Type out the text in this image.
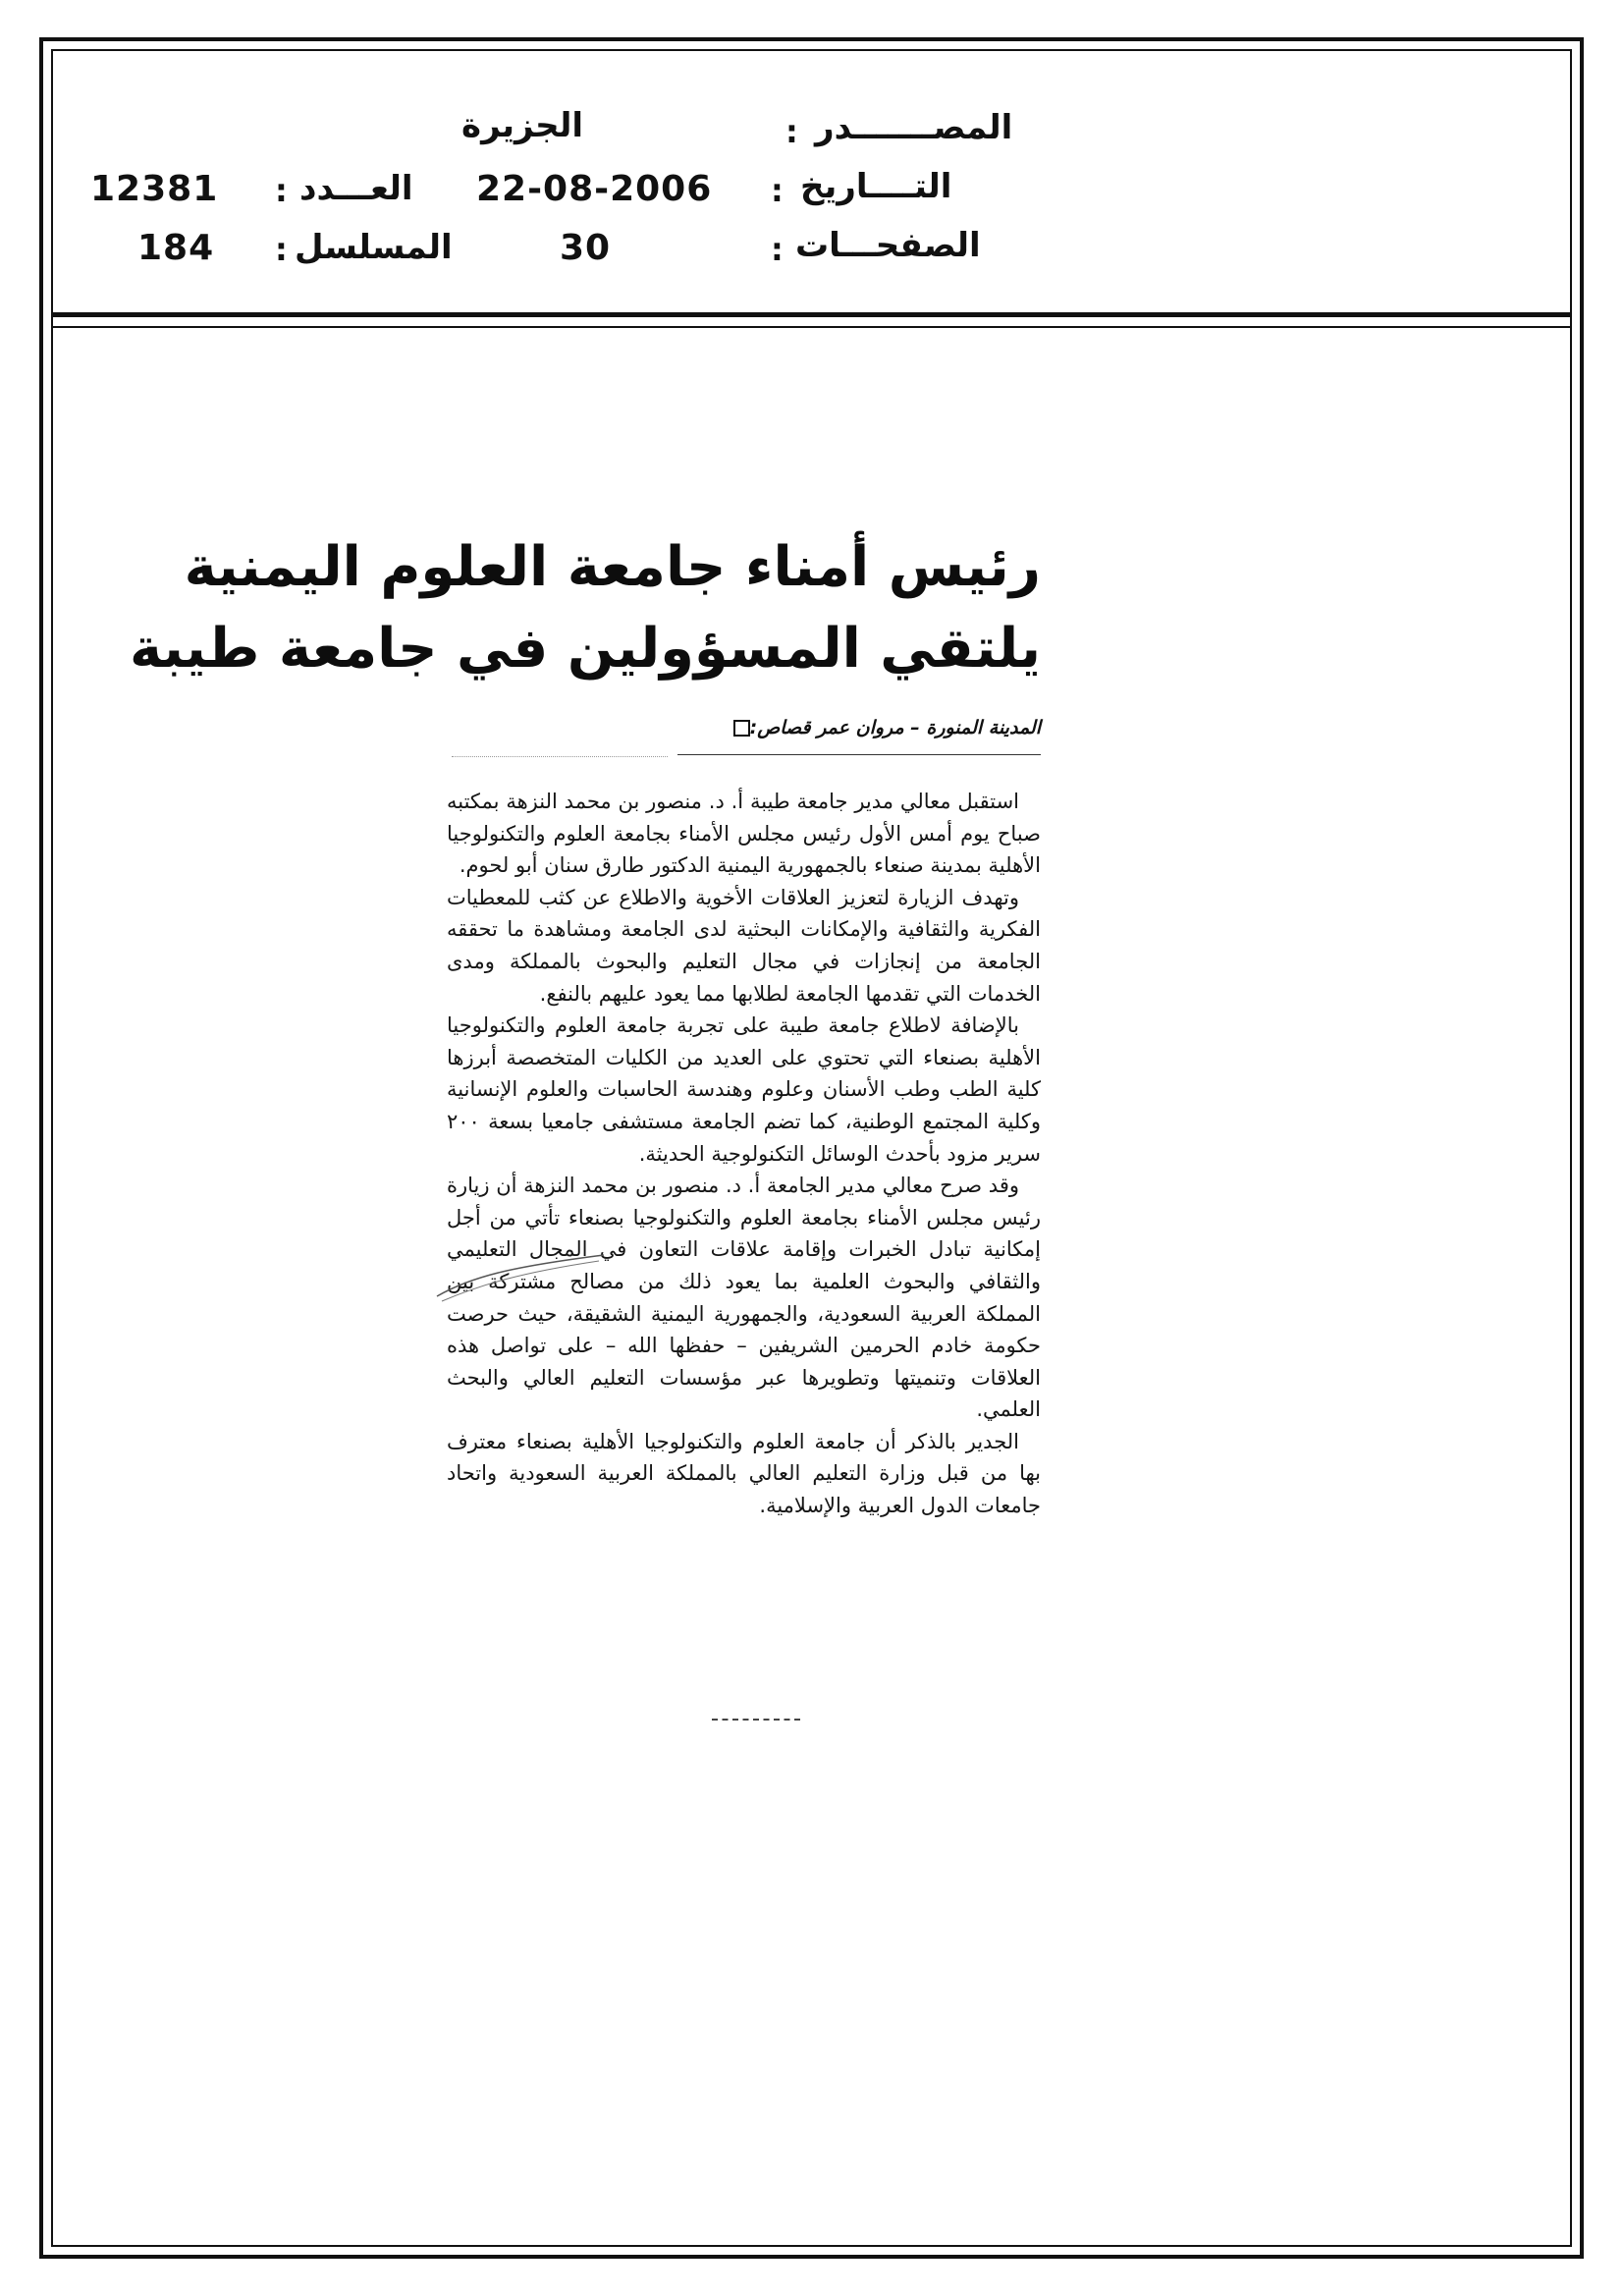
الجزيرة	: المصـــــــدر
12381 : العـــدد 22-08-2006 : التــــاريخ
184 : المسلسل	30	: الصفحـــات
رئيس أمناء جامعة العلوم اليمنية
يلتقي المسؤولين في جامعة طيبة
المدينة المنورة – مروان عمر قصاص:

استقبل معالي مدير جامعة طيبة أ. د. منصور بن محمد النزهة بمكتبه صباح يوم أمس الأول رئيس مجلس الأمناء بجامعة العلوم والتكنولوجيا الأهلية بمدينة صنعاء بالجمهورية اليمنية الدكتور طارق سنان أبو لحوم.

وتهدف الزيارة لتعزيز العلاقات الأخوية والاطلاع عن كثب للمعطيات الفكرية والثقافية والإمكانات البحثية لدى الجامعة ومشاهدة ما تحققه الجامعة من إنجازات في مجال التعليم والبحوث بالمملكة ومدى الخدمات التي تقدمها الجامعة لطلابها مما يعود عليهم بالنفع.

بالإضافة لاطلاع جامعة طيبة على تجربة جامعة العلوم والتكنولوجيا الأهلية بصنعاء التي تحتوي على العديد من الكليات المتخصصة أبرزها كلية الطب وطب الأسنان وعلوم وهندسة الحاسبات والعلوم الإنسانية وكلية المجتمع الوطنية، كما تضم الجامعة مستشفى جامعيا بسعة ٢٠٠ سرير مزود بأحدث الوسائل التكنولوجية الحديثة.

وقد صرح معالي مدير الجامعة أ. د. منصور بن محمد النزهة أن زيارة رئيس مجلس الأمناء بجامعة العلوم والتكنولوجيا بصنعاء تأتي من أجل إمكانية تبادل الخبرات وإقامة علاقات التعاون في المجال التعليمي والثقافي والبحوث العلمية بما يعود ذلك من مصالح مشتركة بين المملكة العربية السعودية، والجمهورية اليمنية الشقيقة، حيث حرصت حكومة خادم الحرمين الشريفين – حفظها الله – على تواصل هذه العلاقات وتنميتها وتطويرها عبر مؤسسات التعليم العالي والبحث العلمي.

الجدير بالذكر أن جامعة العلوم والتكنولوجيا الأهلية بصنعاء معترف بها من قبل وزارة التعليم العالي بالمملكة العربية السعودية واتحاد جامعات الدول العربية والإسلامية.
